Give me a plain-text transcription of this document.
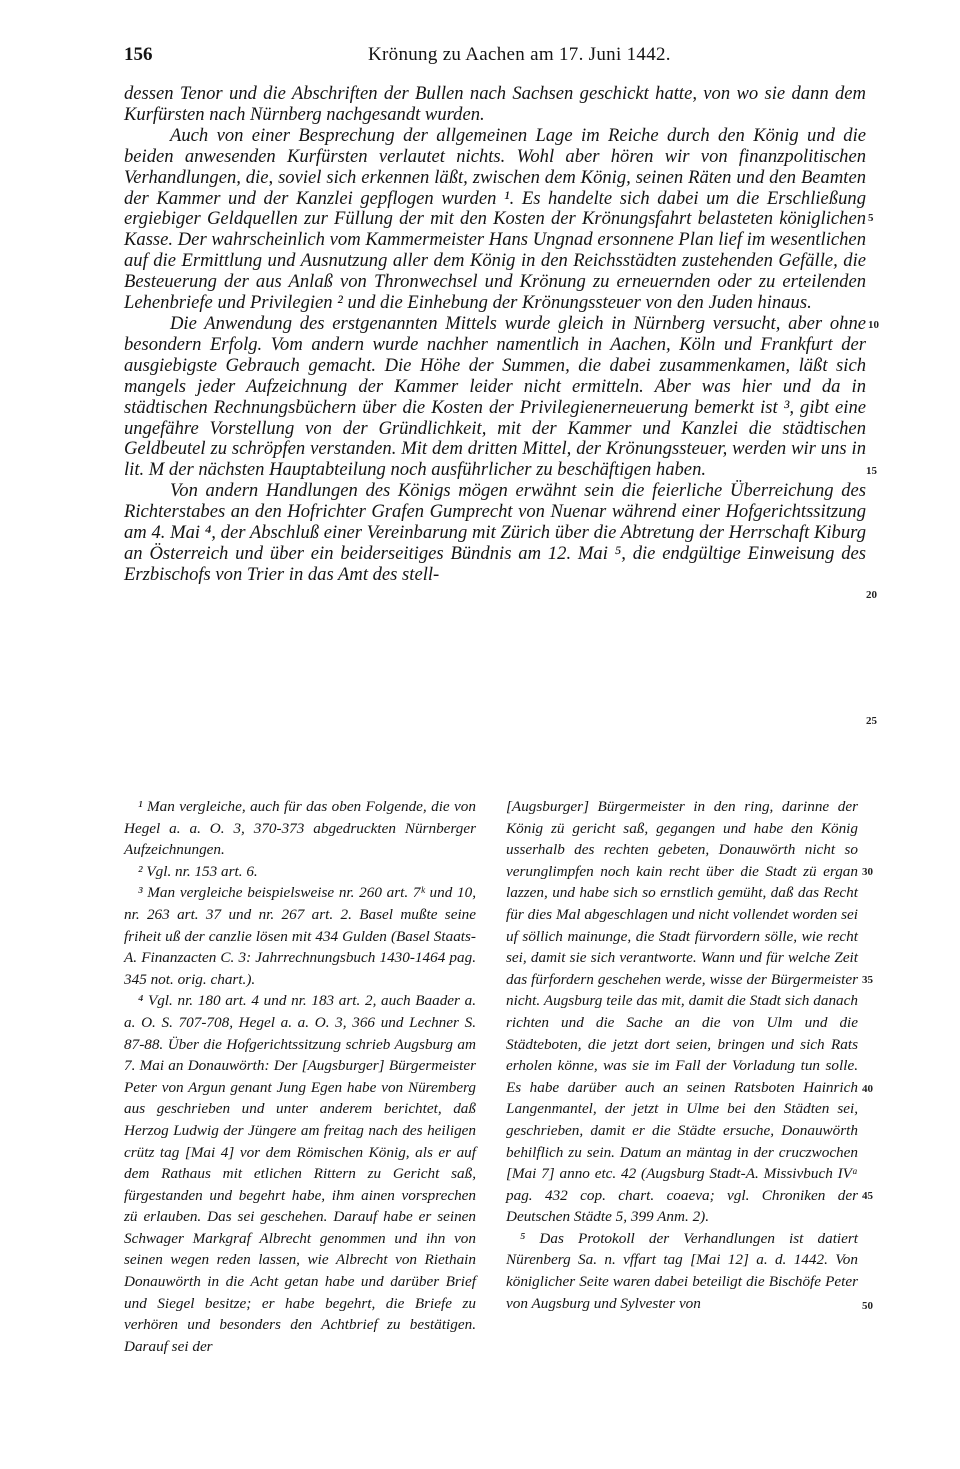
156	Krönung zu Aachen am 17. Juni 1442.

dessen Tenor und die Abschriften der Bullen nach Sachsen geschickt hatte, von wo sie dann dem Kurfürsten nach Nürnberg nachgesandt wurden.

Auch von einer Besprechung der allgemeinen Lage im Reiche durch den König und die beiden anwesenden Kurfürsten verlautet nichts. Wohl aber hören wir von finanzpolitischen Verhandlungen, die, soviel sich erkennen läßt, zwischen dem König, seinen Räten und den Beamten der Kammer und der Kanzlei gepflogen wurden ¹. Es handelte sich dabei um die Erschließung ergiebiger Geldquellen zur Füllung der mit den Kosten der Krönungsfahrt belasteten königlichen Kasse. Der wahrscheinlich vom Kammermeister Hans Ungnad ersonnene Plan lief im wesentlichen auf die Ermittlung und Ausnutzung aller dem König in den Reichsstädten zustehenden Gefälle, die Besteuerung der aus Anlaß von Thronwechsel und Krönung zu erneuernden oder zu erteilenden Lehenbriefe und Privilegien ² und die Einhebung der Krönungssteuer von den Juden hinaus.

Die Anwendung des erstgenannten Mittels wurde gleich in Nürnberg versucht, aber ohne besondern Erfolg. Vom andern wurde nachher namentlich in Aachen, Köln und Frankfurt der ausgiebigste Gebrauch gemacht. Die Höhe der Summen, die dabei zusammenkamen, läßt sich mangels jeder Aufzeichnung der Kammer leider nicht ermitteln. Aber was hier und da in städtischen Rechnungsbüchern über die Kosten der Privilegienerneuerung bemerkt ist ³, gibt eine ungefähre Vorstellung von der Gründlichkeit, mit der Kammer und Kanzlei die städtischen Geldbeutel zu schröpfen verstanden. Mit dem dritten Mittel, der Krönungssteuer, werden wir uns in lit. M der nächsten Hauptabteilung noch ausführlicher zu beschäftigen haben.

Von andern Handlungen des Königs mögen erwähnt sein die feierliche Überreichung des Richterstabes an den Hofrichter Grafen Gumprecht von Nuenar während einer Hofgerichtssitzung am 4. Mai ⁴, der Abschluß einer Vereinbarung mit Zürich über die Abtretung der Herrschaft Kiburg an Österreich und über ein beiderseitiges Bündnis am 12. Mai ⁵, die endgültige Einweisung des Erzbischofs von Trier in das Amt des stell-

5
10
15
20
25

¹ Man vergleiche, auch für das oben Folgende, die von Hegel a. a. O. 3, 370-373 abgedruckten Nürnberger Aufzeichnungen.

² Vgl. nr. 153 art. 6.

³ Man vergleiche beispielsweise nr. 260 art. 7ᵏ und 10, nr. 263 art. 37 und nr. 267 art. 2. Basel mußte seine friheit uß der canzlie lösen mit 434 Gulden (Basel Staats-A. Finanzacten C. 3: Jahrrechnungsbuch 1430-1464 pag. 345 not. orig. chart.).

⁴ Vgl. nr. 180 art. 4 und nr. 183 art. 2, auch Baader a. a. O. S. 707-708, Hegel a. a. O. 3, 366 und Lechner S. 87-88. Über die Hofgerichtssitzung schrieb Augsburg am 7. Mai an Donauwörth: Der [Augsburger] Bürgermeister Peter von Argun genant Jung Egen habe von Nüremberg aus geschrieben und unter anderem berichtet, daß Herzog Ludwig der Jüngere am freitag nach des heiligen crütz tag [Mai 4] vor dem Römischen König, als er auf dem Rathaus mit etlichen Rittern zu Gericht saß, fürgestanden und begehrt habe, ihm ainen vorsprechen zü erlauben. Das sei geschehen. Darauf habe er seinen Schwager Markgraf Albrecht genommen und ihn von seinen wegen reden lassen, wie Albrecht von Riethain Donauwörth in die Acht getan habe und darüber Brief und Siegel besitze; er habe begehrt, die Briefe zu verhören und besonders den Achtbrief zu bestätigen. Darauf sei der

[Augsburger] Bürgermeister in den ring, darinne der König zü gericht saß, gegangen und habe den König usserhalb des rechten gebeten, Donauwörth nicht so verunglimpfen noch kain recht über die Stadt zü ergan lazzen, und habe sich so ernstlich gemüht, daß das Recht für dies Mal abgeschlagen und nicht vollendet worden sei uf söllich mainunge, die Stadt fürvordern sölle, wie recht sei, damit sie sich verantworte. Wann und für welche Zeit das fürfordern geschehen werde, wisse der Bürgermeister nicht. Augsburg teile das mit, damit die Stadt sich danach richten und die Sache an die von Ulm und die Städteboten, die jetzt dort seien, bringen und sich Rats erholen könne, was sie im Fall der Vorladung tun solle. Es habe darüber auch an seinen Ratsboten Hainrich Langenmantel, der jetzt in Ulme bei den Städten sei, geschrieben, damit er die Städte ersuche, Donauwörth behilflich zu sein. Datum an mäntag in der cruczwochen [Mai 7] anno etc. 42 (Augsburg Stadt-A. Missivbuch IVᵃ pag. 432 cop. chart. coaeva; vgl. Chroniken der Deutschen Städte 5, 399 Anm. 2).

⁵ Das Protokoll der Verhandlungen ist datiert Nürenberg Sa. n. vffart tag [Mai 12] a. d. 1442. Von königlicher Seite waren dabei beteiligt die Bischöfe Peter von Augsburg und Sylvester von

30
35
40
45
50
